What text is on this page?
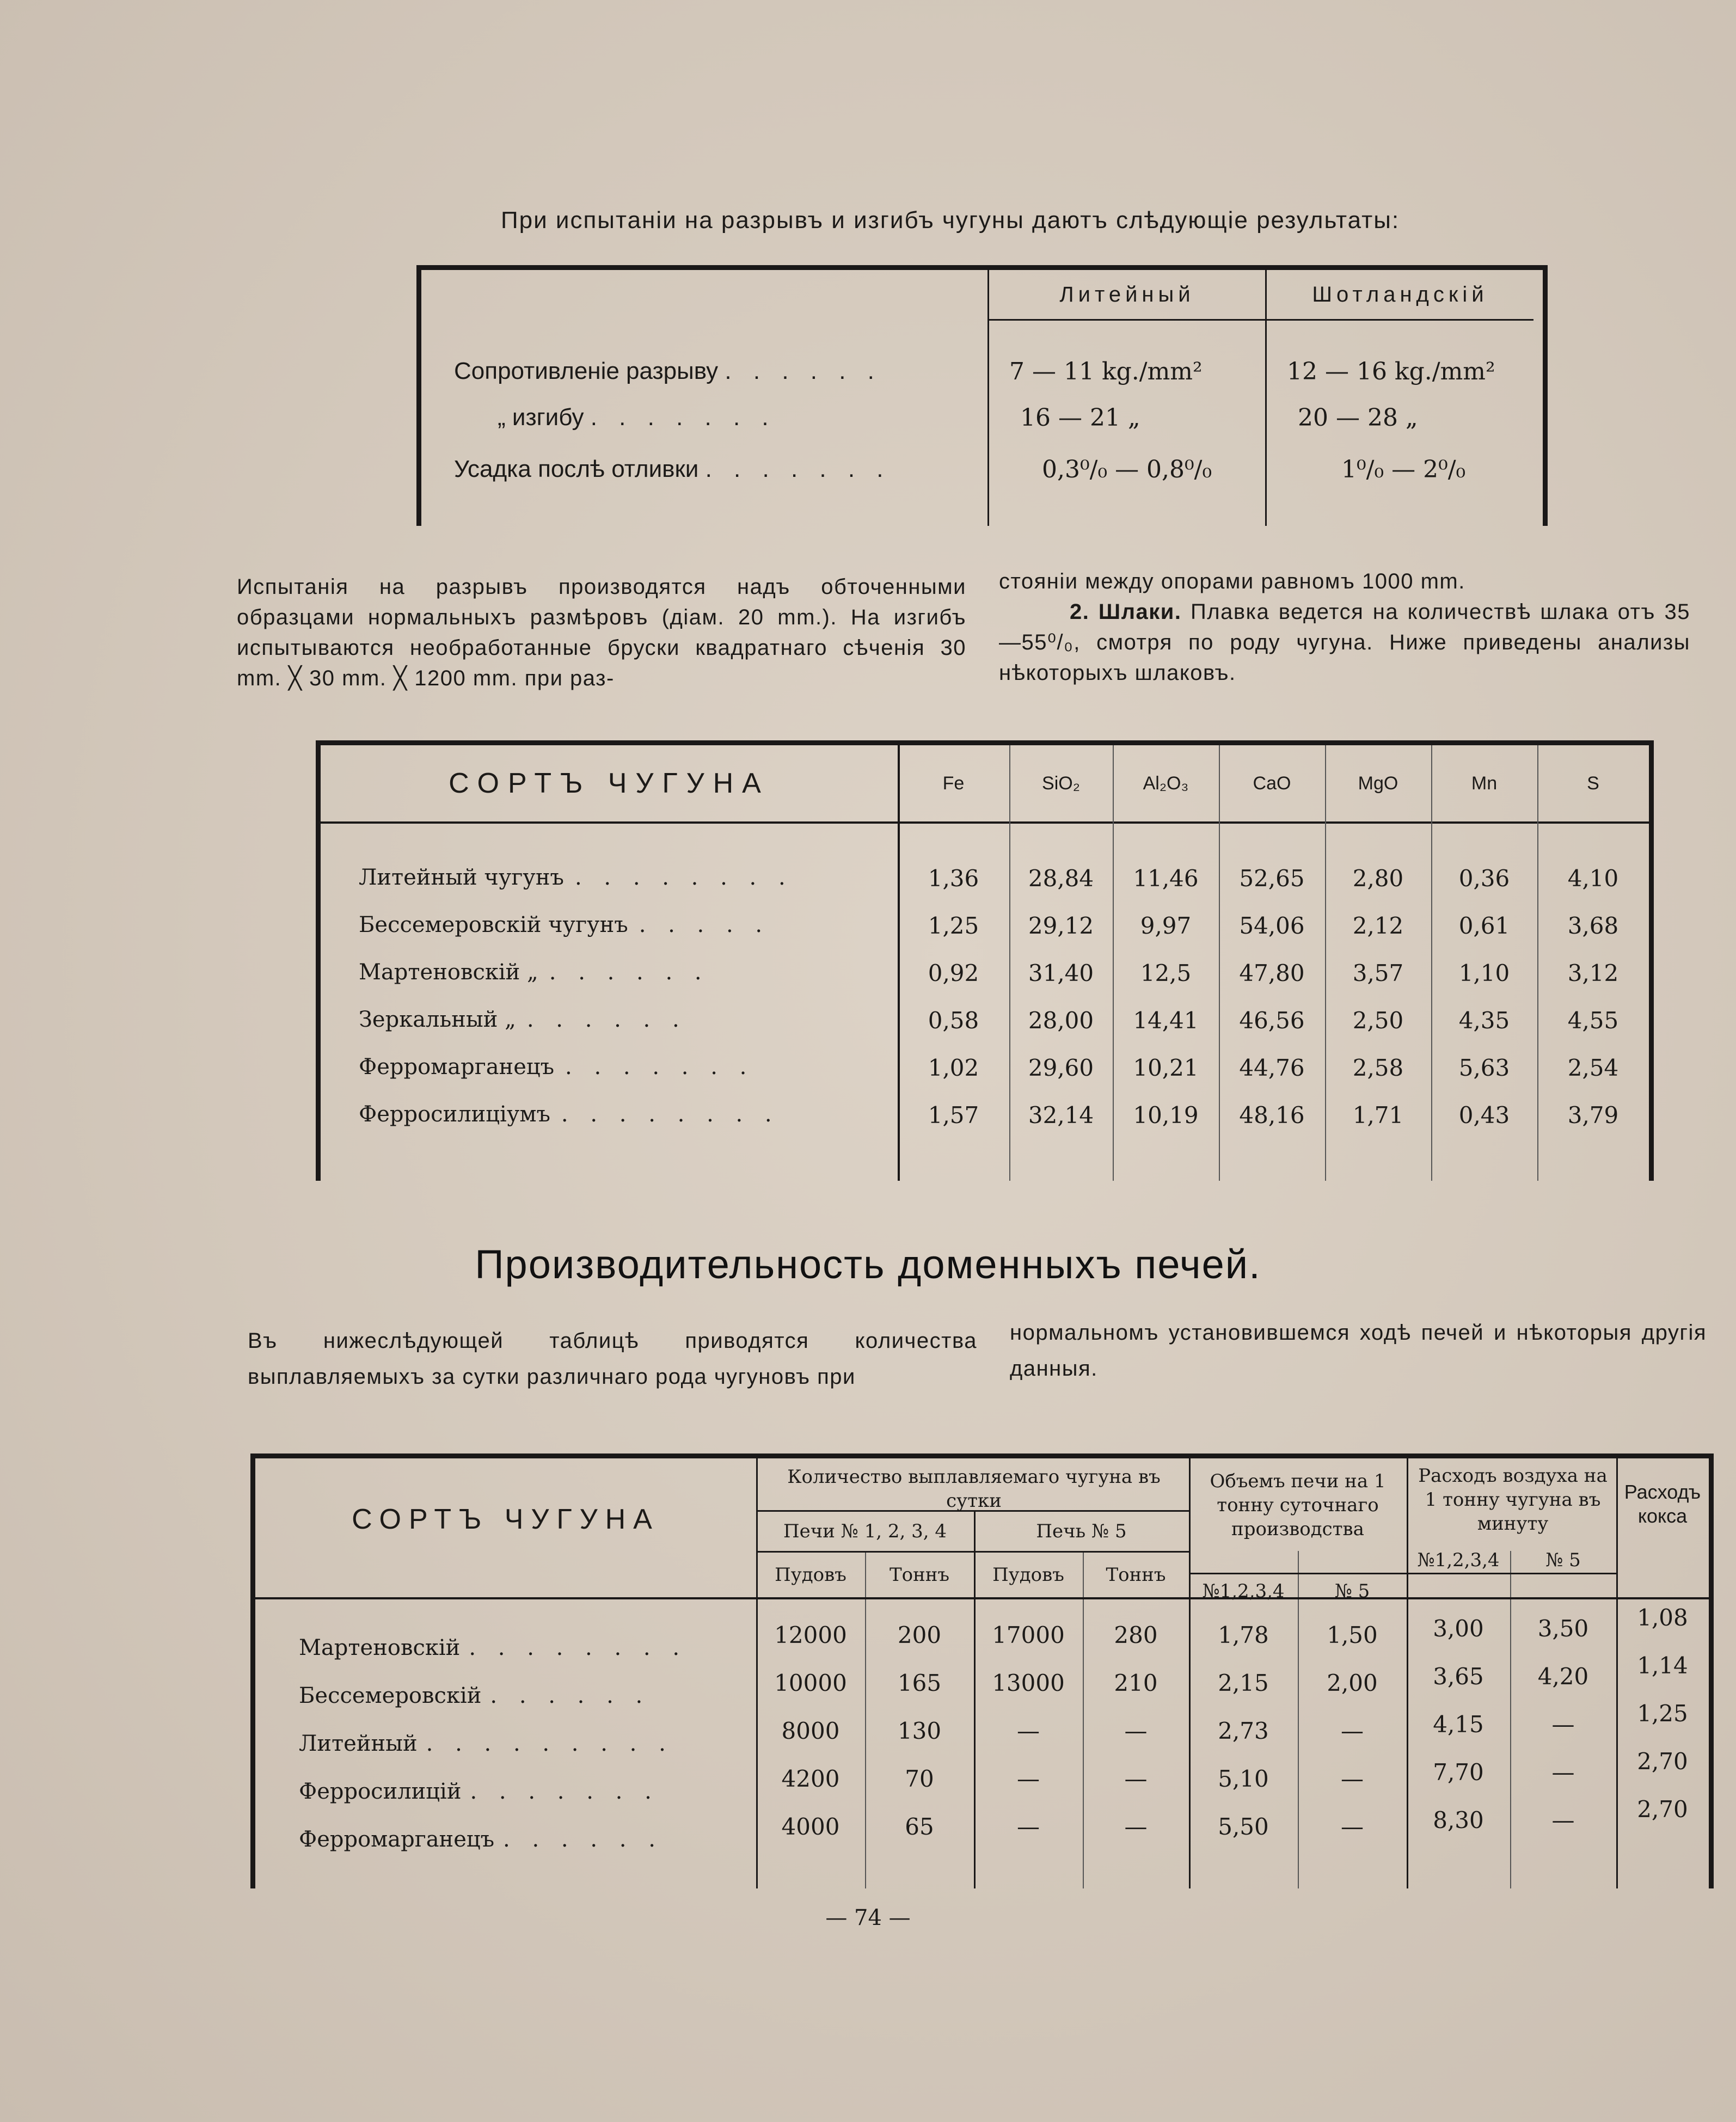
При испытанiи на разрывъ и изгибъ чугуны даютъ слѣдующiе результаты:
Литейный	Шотландскiй
Сопротивленiе разрыву . . . . . .	7 — 11 kg./mm²	12 — 16 kg./mm²
„ изгибу . . . . . . .	16 — 21 „	20 — 28 „
Усадка послѣ отливки . . . . . . .	0,3⁰/₀ — 0,8⁰/₀	1⁰/₀ — 2⁰/₀
Испытанiя на разрывъ производятся надъ обточенными образцами нормальныхъ размѣровъ (дiам. 20 mm.). На изгибъ испытываются необработанные бруски квадратнаго сѣченiя 30 mm. ╳ 30 mm. ╳ 1200 mm. при раз-
стоянiи между опорами равномъ 1000 mm.
2. Шлаки. Плавка ведется на количествѣ шлака отъ 35—55⁰/₀, смотря по роду чугуна. Ниже приведены анализы нѣкоторыхъ шлаковъ.
СОРТЪ ЧУГУНА	Fe	SiO₂	Al₂O₃	CaO	MgO	Mn	S
Литейный чугунъ . . . . . . . .	1,36	28,84	11,46	52,65	2,80	0,36	4,10
Бессемеровскiй чугунъ . . . . .	1,25	29,12	9,97	54,06	2,12	0,61	3,68
Мартеновскiй „ . . . . . .	0,92	31,40	12,5	47,80	3,57	1,10	3,12
Зеркальный „ . . . . . .	0,58	28,00	14,41	46,56	2,50	4,35	4,55
Ферромарганецъ . . . . . . .	1,02	29,60	10,21	44,76	2,58	5,63	2,54
Ферросилицiумъ . . . . . . . .	1,57	32,14	10,19	48,16	1,71	0,43	3,79
Производительность доменныхъ печей.
Въ нижеслѣдующей таблицѣ приводятся количества выплавляемыхъ за сутки различнаго рода чугуновъ при
нормальномъ установившемся ходѣ печей и нѣкоторыя другiя данныя.
СОРТЪ ЧУГУНА
Количество выплавляемаго чугуна въ сутки
Печи № 1, 2, 3, 4	Печь № 5
Пудовъ	Тоннъ	Пудовъ	Тоннъ
Объемъ печи на 1 тонну суточнаго производства
№1,2,3,4	№ 5
Расходъ воздуха на 1 тонну чугуна въ минуту
№1,2,3,4	№ 5
Расходъ кокса
Мартеновскiй . . . . . . . .	12000	200	17000	280	1,78	1,50	3,00	3,50	1,08
Бессемеровскiй . . . . . .	10000	165	13000	210	2,15	2,00	3,65	4,20	1,14
Литейный . . . . . . . . .	8000	130	—	—	2,73	—	4,15	—	1,25
Ферросилицiй . . . . . . .	4200	70	—	—	5,10	—	7,70	—	2,70
Ферромарганецъ . . . . . .	4000	65	—	—	5,50	—	8,30	—	2,70
— 74 —
